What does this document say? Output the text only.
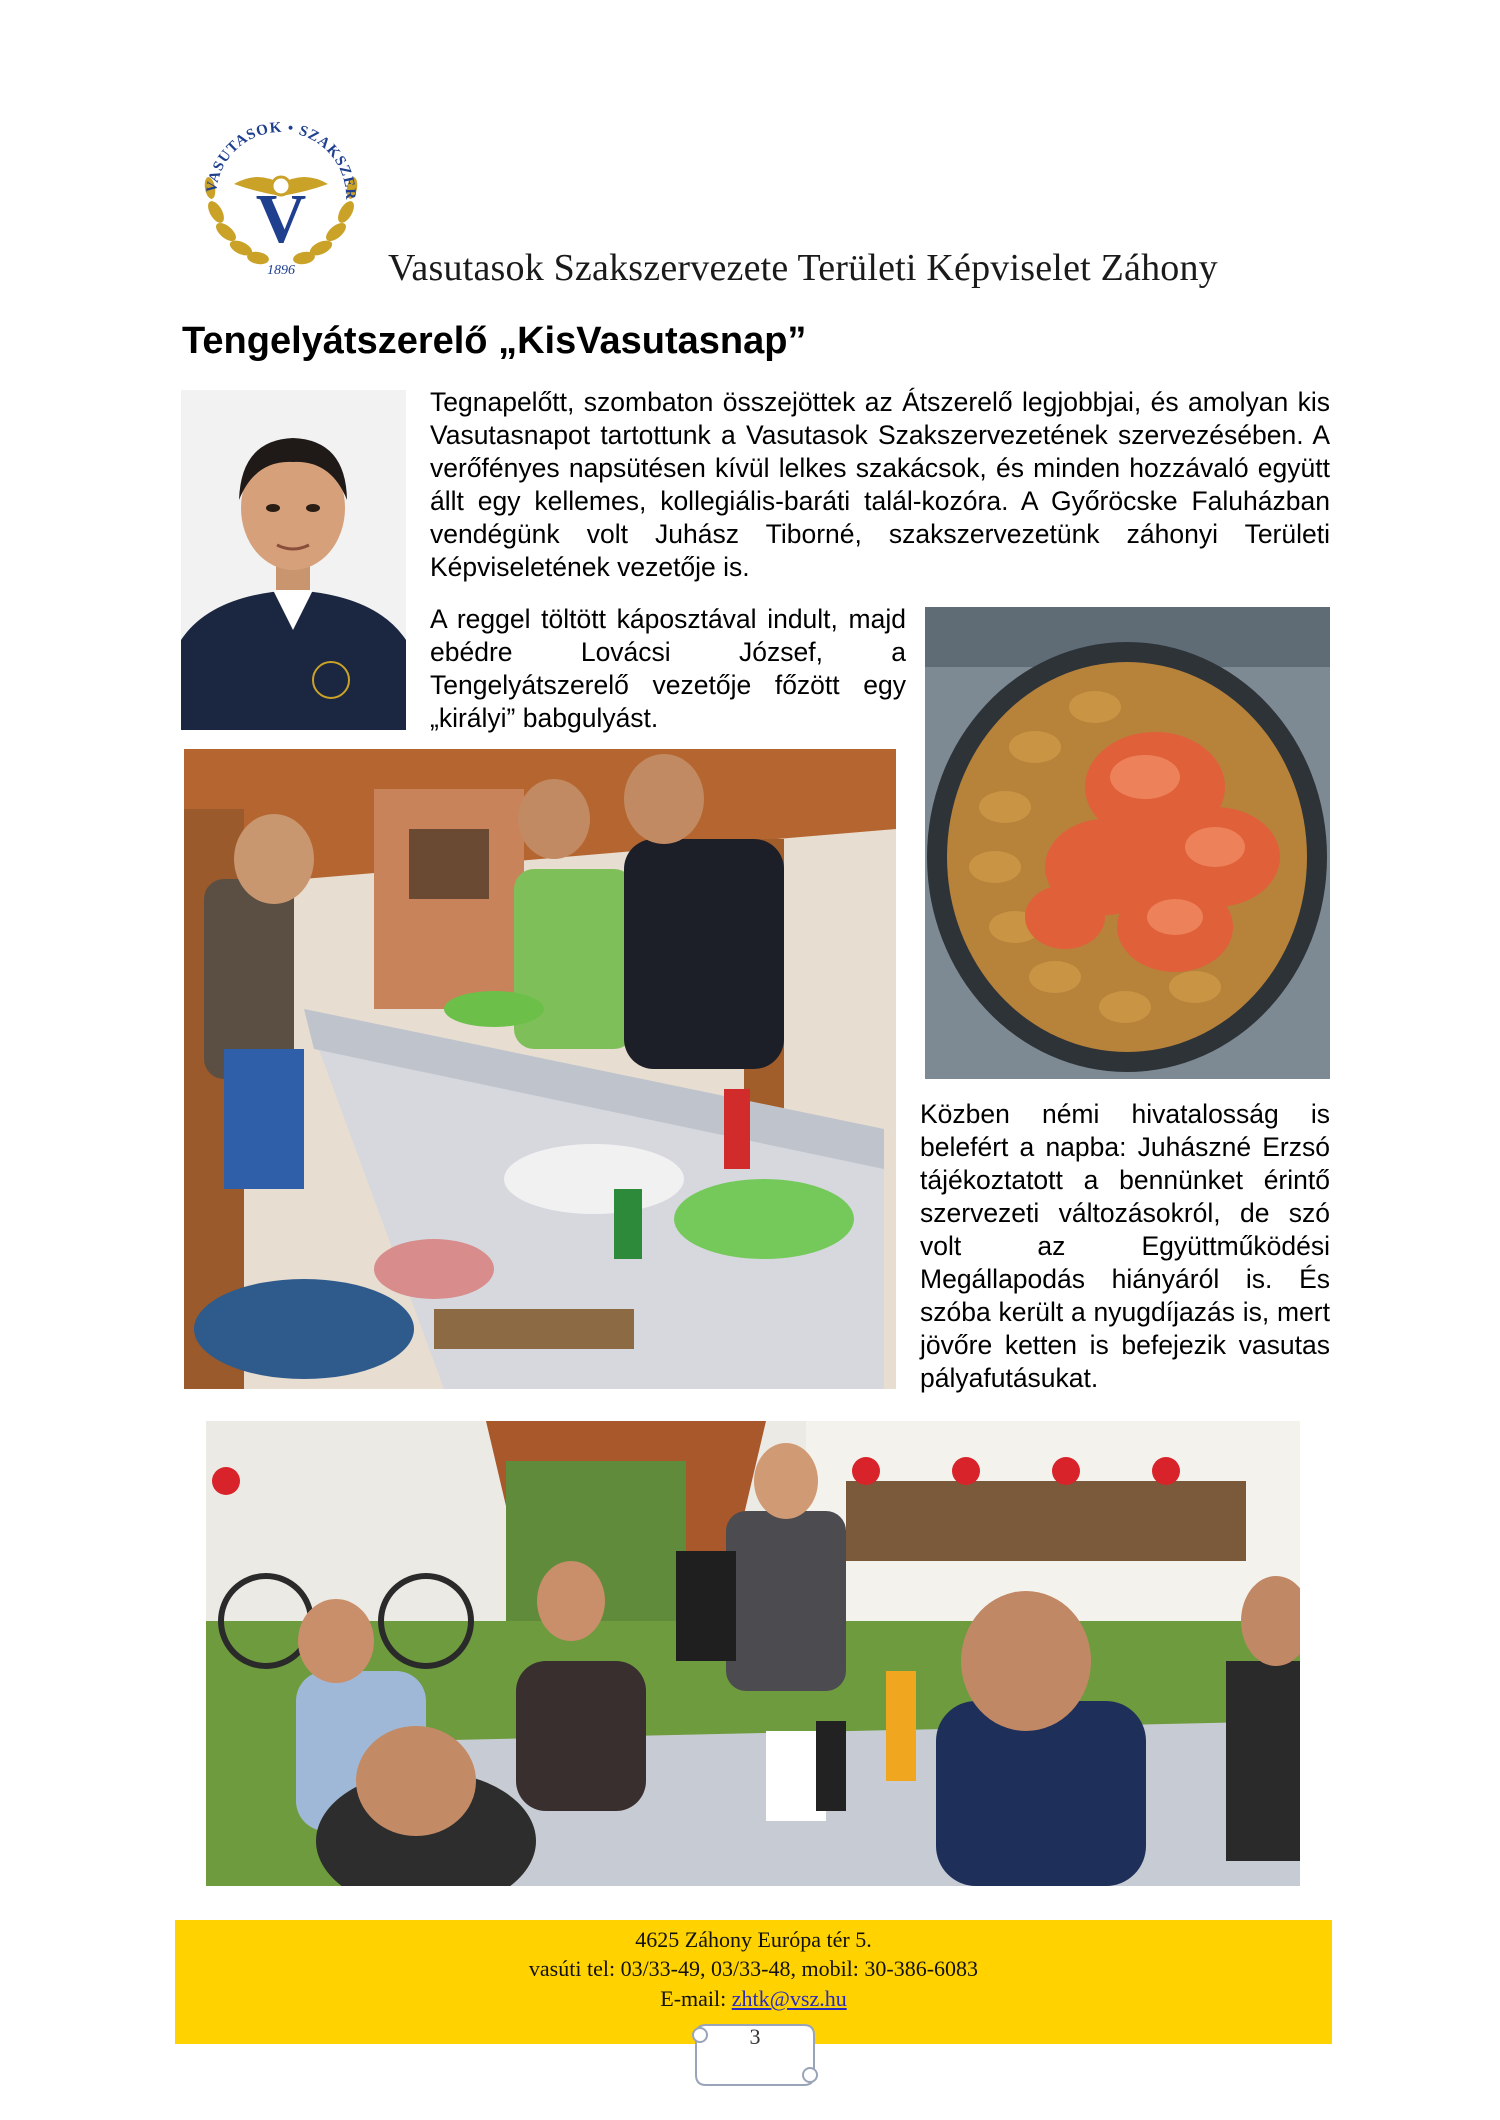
VASUTASOK • SZAKSZER
V
1896 Vasutasok Szakszervezete Területi Képviselet Záhony
Tengelyátszerelő „KisVasutasnap”

Tegnapelőtt, szombaton összejöttek az Átszerelő legjobbjai, és amolyan kis Vasutasnapot tartottunk a Vasutasok Szakszervezetének szervezésében. A verőfényes napsütésen kívül lelkes szakácsok, és minden hozzávaló együtt állt egy kellemes, kollegiális-baráti talál-kozóra. A Győröcske Faluházban vendégünk volt Juhász Tiborné, szakszervezetünk záhonyi Területi Képviseletének vezetője is.

A reggel töltött káposztával indult, majd ebédre Lovácsi József, a Tengelyátszerelő vezetője főzött egy „királyi” babgulyást.

Közben némi hivatalosság is belefért a napba: Juhászné Erzsó tájékoztatott a bennünket érintő szervezeti változásokról, de szó volt az Együttműködési Megállapodás hiányáról is. És szóba került a nyugdíjazás is, mert jövőre ketten is befejezik vasutas pályafutásukat.

4625 Záhony Európa tér 5.
vasúti tel: 03/33-49, 03/33-48, mobil: 30-386-6083
E-mail: zhtk@vsz.hu
3
